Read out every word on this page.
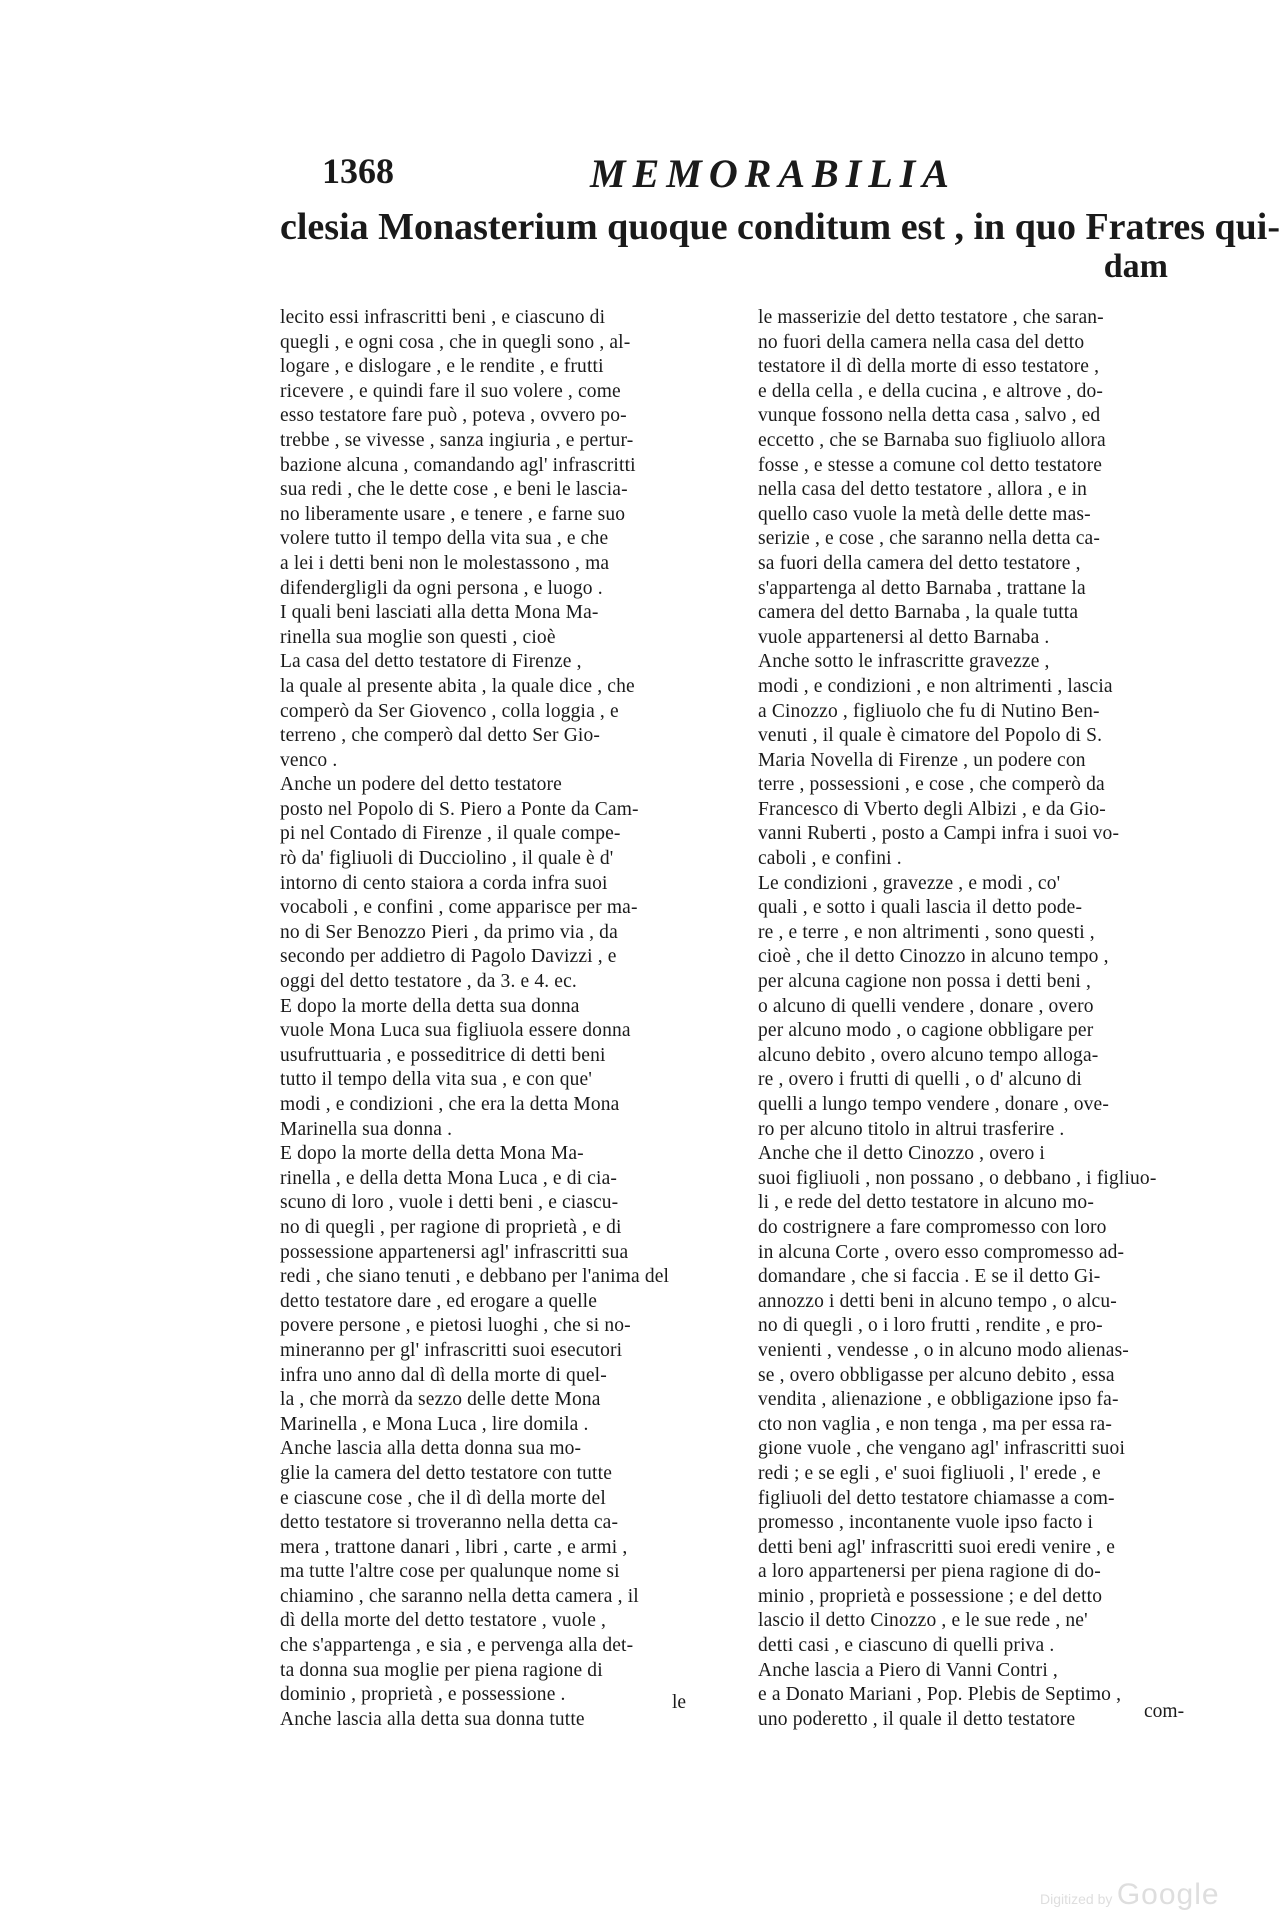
1368	MEMORABILIA
clesia Monasterium quoque conditum est , in quo Fratres qui-
dam
lecito essi infrascritti beni , e ciascuno di
quegli , e ogni cosa , che in quegli sono , al-
logare , e dislogare , e le rendite , e frutti
ricevere , e quindi fare il suo volere , come
esso testatore fare può , poteva , ovvero po-
trebbe , se vivesse , sanza ingiuria , e pertur-
bazione alcuna , comandando agl' infrascritti
sua redi , che le dette cose , e beni le lascia-
no liberamente usare , e tenere , e farne suo
volere tutto il tempo della vita sua , e che
a lei i detti beni non le molestassono , ma
difendergligli da ogni persona , e luogo .
I quali beni lasciati alla detta Mona Ma-
rinella sua moglie son questi , cioè
La casa del detto testatore di Firenze ,
la quale al presente abita , la quale dice , che
comperò da Ser Giovenco , colla loggia , e
terreno , che comperò dal detto Ser Gio-
venco .
Anche un podere del detto testatore
posto nel Popolo di S. Piero a Ponte da Cam-
pi nel Contado di Firenze , il quale compe-
rò da' figliuoli di Ducciolino , il quale è d'
intorno di cento staiora a corda infra suoi
vocaboli , e confini , come apparisce per ma-
no di Ser Benozzo Pieri , da primo via , da
secondo per addietro di Pagolo Davizzi , e
oggi del detto testatore , da 3. e 4. ec.
E dopo la morte della detta sua donna
vuole Mona Luca sua figliuola essere donna
usufruttuaria , e posseditrice di detti beni
tutto il tempo della vita sua , e con que'
modi , e condizioni , che era la detta Mona
Marinella sua donna .
E dopo la morte della detta Mona Ma-
rinella , e della detta Mona Luca , e di cia-
scuno di loro , vuole i detti beni , e ciascu-
no di quegli , per ragione di proprietà , e di
possessione appartenersi agl' infrascritti sua
redi , che siano tenuti , e debbano per l'anima del
detto testatore dare , ed erogare a quelle
povere persone , e pietosi luoghi , che si no-
mineranno per gl' infrascritti suoi esecutori
infra uno anno dal dì della morte di quel-
la , che morrà da sezzo delle dette Mona
Marinella , e Mona Luca , lire domila .
Anche lascia alla detta donna sua mo-
glie la camera del detto testatore con tutte
e ciascune cose , che il dì della morte del
detto testatore si troveranno nella detta ca-
mera , trattone danari , libri , carte , e armi ,
ma tutte l'altre cose per qualunque nome si
chiamino , che saranno nella detta camera , il
dì della morte del detto testatore , vuole ,
che s'appartenga , e sia , e pervenga alla det-
ta donna sua moglie per piena ragione di
dominio , proprietà , e possessione .
Anche lascia alla detta sua donna tutte
le masserizie del detto testatore , che saran-
no fuori della camera nella casa del detto
testatore il dì della morte di esso testatore ,
e della cella , e della cucina , e altrove , do-
vunque fossono nella detta casa , salvo , ed
eccetto , che se Barnaba suo figliuolo allora
fosse , e stesse a comune col detto testatore
nella casa del detto testatore , allora , e in
quello caso vuole la metà delle dette mas-
serizie , e cose , che saranno nella detta ca-
sa fuori della camera del detto testatore ,
s'appartenga al detto Barnaba , trattane la
camera del detto Barnaba , la quale tutta
vuole appartenersi al detto Barnaba .
Anche sotto le infrascritte gravezze ,
modi , e condizioni , e non altrimenti , lascia
a Cinozzo , figliuolo che fu di Nutino Ben-
venuti , il quale è cimatore del Popolo di S.
Maria Novella di Firenze , un podere con
terre , possessioni , e cose , che comperò da
Francesco di Vberto degli Albizi , e da Gio-
vanni Ruberti , posto a Campi infra i suoi vo-
caboli , e confini .
Le condizioni , gravezze , e modi , co'
quali , e sotto i quali lascia il detto pode-
re , e terre , e non altrimenti , sono questi ,
cioè , che il detto Cinozzo in alcuno tempo ,
per alcuna cagione non possa i detti beni ,
o alcuno di quelli vendere , donare , overo
per alcuno modo , o cagione obbligare per
alcuno debito , overo alcuno tempo alloga-
re , overo i frutti di quelli , o d' alcuno di
quelli a lungo tempo vendere , donare , ove-
ro per alcuno titolo in altrui trasferire .
Anche che il detto Cinozzo , overo i
suoi figliuoli , non possano , o debbano , i figliuo-
li , e rede del detto testatore in alcuno mo-
do costrignere a fare compromesso con loro
in alcuna Corte , overo esso compromesso ad-
domandare , che si faccia . E se il detto Gi-
annozzo i detti beni in alcuno tempo , o alcu-
no di quegli , o i loro frutti , rendite , e pro-
venienti , vendesse , o in alcuno modo alienas-
se , overo obbligasse per alcuno debito , essa
vendita , alienazione , e obbligazione ipso fa-
cto non vaglia , e non tenga , ma per essa ra-
gione vuole , che vengano agl' infrascritti suoi
redi ; e se egli , e' suoi figliuoli , l' erede , e
figliuoli del detto testatore chiamasse a com-
promesso , incontanente vuole ipso facto i
detti beni agl' infrascritti suoi eredi venire , e
a loro appartenersi per piena ragione di do-
minio , proprietà e possessione ; e del detto
lascio il detto Cinozzo , e le sue rede , ne'
detti casi , e ciascuno di quelli priva .
Anche lascia a Piero di Vanni Contri ,
e a Donato Mariani , Pop. Plebis de Septimo ,
uno poderetto , il quale il detto testatore
le	com-
Digitized by Google
